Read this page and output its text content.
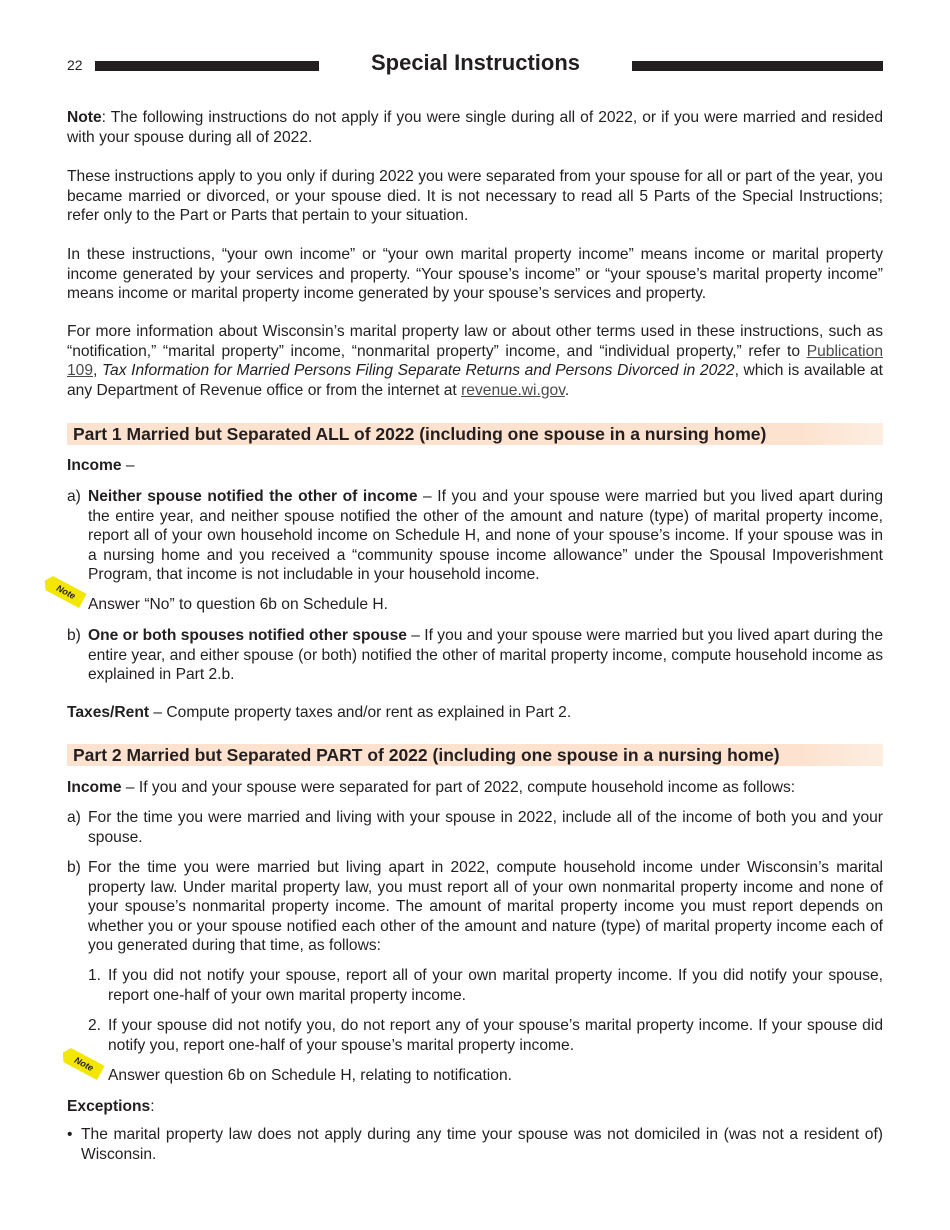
22	Special Instructions

Note: The following instructions do not apply if you were single during all of 2022, or if you were married and resided with your spouse during all of 2022.

These instructions apply to you only if during 2022 you were separated from your spouse for all or part of the year, you became married or divorced, or your spouse died. It is not necessary to read all 5 Parts of the Special Instructions; refer only to the Part or Parts that pertain to your situation.

In these instructions, “your own income” or “your own marital property income” means income or marital property income generated by your services and property. “Your spouse’s income” or “your spouse’s marital property income” means income or marital property income generated by your spouse’s services and property.

For more information about Wisconsin’s marital property law or about other terms used in these instructions, such as “notification,” “marital property” income, “nonmarital property” income, and “individual property,” refer to Publication 109, Tax Information for Married Persons Filing Separate Returns and Persons Divorced in 2022, which is available at any Department of Revenue office or from the internet at revenue.wi.gov.

Part 1 Married but Separated ALL of 2022 (including one spouse in a nursing home)

Income –

a) Neither spouse notified the other of income – If you and your spouse were married but you lived apart during the entire year, and neither spouse notified the other of the amount and nature (type) of marital property income, report all of your own household income on Schedule H, and none of your spouse’s income. If your spouse was in a nursing home and you received a “community spouse income allowance” under the Spousal Impoverishment Program, that income is not includable in your household income.

Note

Answer “No” to question 6b on Schedule H.

b) One or both spouses notified other spouse – If you and your spouse were married but you lived apart during the entire year, and either spouse (or both) notified the other of marital property income, compute household income as explained in Part 2.b.

Taxes/Rent – Compute property taxes and/or rent as explained in Part 2.

Part 2 Married but Separated PART of 2022 (including one spouse in a nursing home)

Income – If you and your spouse were separated for part of 2022, compute household income as follows:

a) For the time you were married and living with your spouse in 2022, include all of the income of both you and your spouse.

b) For the time you were married but living apart in 2022, compute household income under Wisconsin’s marital property law. Under marital property law, you must report all of your own nonmarital property income and none of your spouse’s nonmarital property income. The amount of marital property income you must report depends on whether you or your spouse notified each other of the amount and nature (type) of marital property income each of you generated during that time, as follows:

1. If you did not notify your spouse, report all of your own marital property income. If you did notify your spouse, report one-half of your own marital property income.

2. If your spouse did not notify you, do not report any of your spouse’s marital property income. If your spouse did notify you, report one-half of your spouse’s marital property income.

Note

Answer question 6b on Schedule H, relating to notification.

Exceptions:

• The marital property law does not apply during any time your spouse was not domiciled in (was not a resident of) Wisconsin.
